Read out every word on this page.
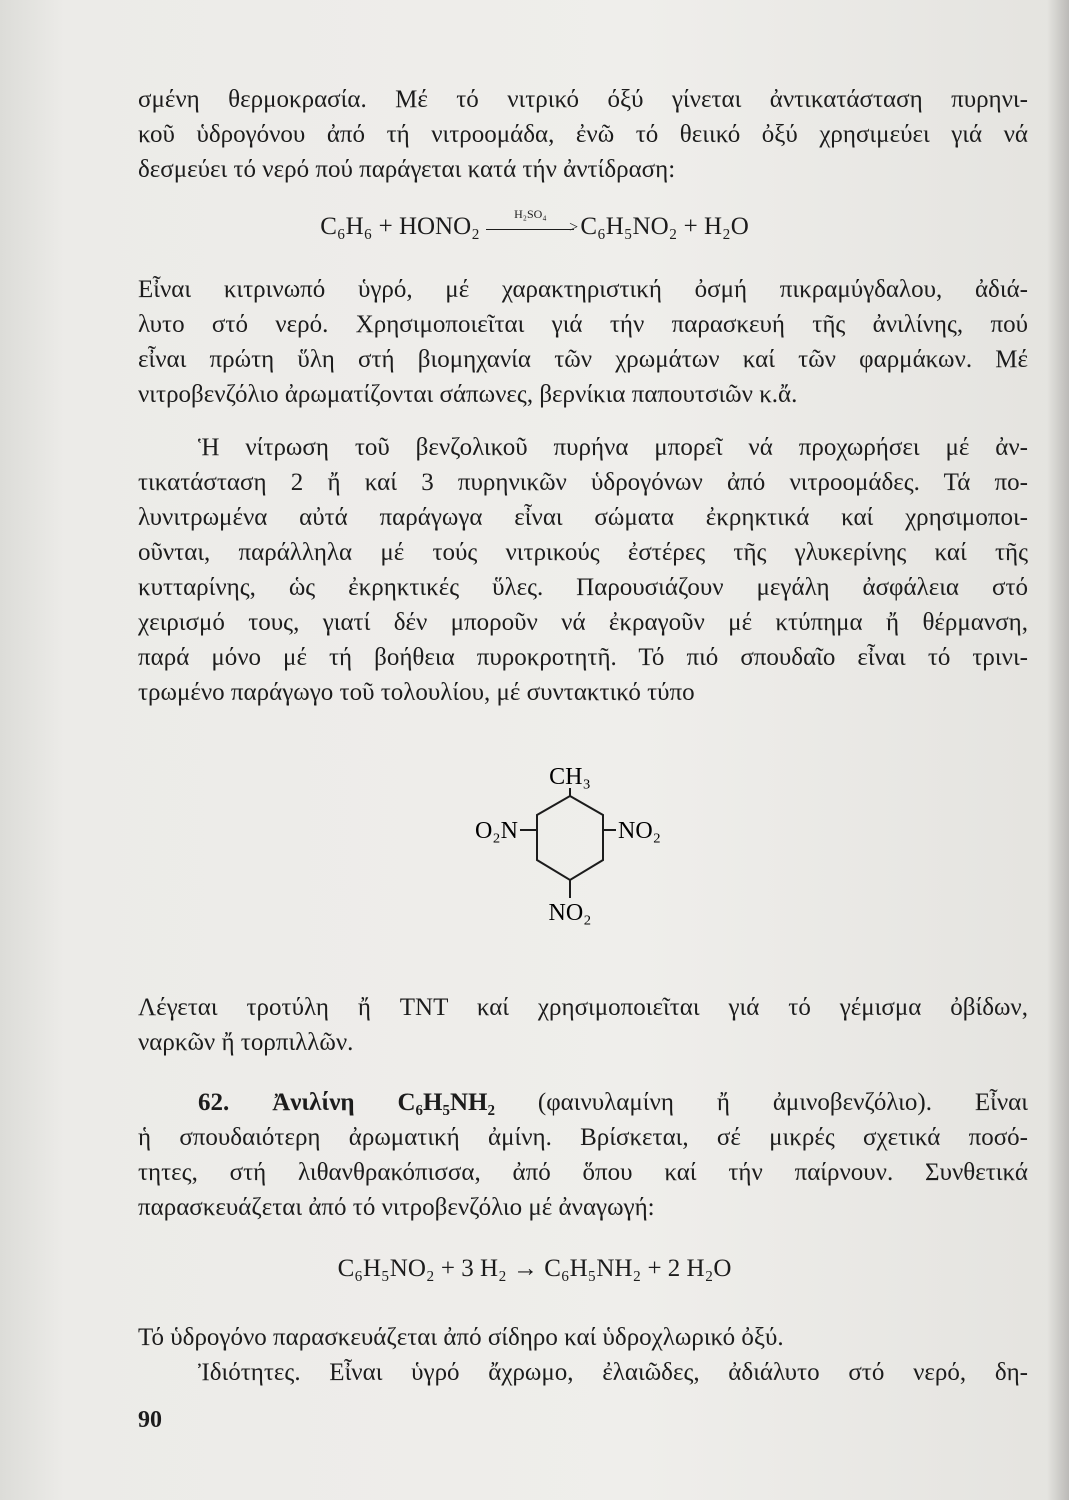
σμένη θερμοκρασία. Μέ τό νιτρικό όξύ γίνεται ἀντικατάσταση πυρηνι-
κοῦ ὑδρογόνου ἀπό τή νιτροομάδα, ἐνῶ τό θειικό ὀξύ χρησιμεύει γιά νά
δεσμεύει τό νερό πού παράγεται κατά τήν ἀντίδραση:

C₆H₆ + HONO₂	H₂SO₄
> C₆H₅NO₂ + H₂O

Εἶναι κιτρινωπό ὑγρό, μέ χαρακτηριστική ὀσμή πικραμύγδαλου, ἀδιά-
λυτο στό νερό. Χρησιμοποιεῖται γιά τήν παρασκευή τῆς ἀνιλίνης, πού
εἶναι πρώτη ὕλη στή βιομηχανία τῶν χρωμάτων καί τῶν φαρμάκων. Μέ
νιτροβενζόλιο ἀρωματίζονται σάπωνες, βερνίκια παπουτσιῶν κ.ἄ.

Ἡ νίτρωση τοῦ βενζολικοῦ πυρήνα μπορεῖ νά προχωρήσει μέ ἀν-
τικατάσταση 2 ἤ καί 3 πυρηνικῶν ὑδρογόνων ἀπό νιτροομάδες. Τά πο-
λυνιτρωμένα αὐτά παράγωγα εἶναι σώματα ἐκρηκτικά καί χρησιμοποι-
οῦνται, παράλληλα μέ τούς νιτρικούς ἐστέρες τῆς γλυκερίνης καί τῆς
κυτταρίνης, ὡς ἐκρηκτικές ὕλες. Παρουσιάζουν μεγάλη ἀσφάλεια στό
χειρισμό τους, γιατί δέν μποροῦν νά ἐκραγοῦν μέ κτύπημα ἤ θέρμανση,
παρά μόνο μέ τή βοήθεια πυροκροτητῆ. Τό πιό σπουδαῖο εἶναι τό τρινι-
τρωμένο παράγωγο τοῦ τολουλίου, μέ συντακτικό τύπο

CH₃
O₂N	NO₂
NO₂

Λέγεται τροτύλη ἤ TNT καί χρησιμοποιεῖται γιά τό γέμισμα ὀβίδων,
ναρκῶν ἤ τορπιλλῶν.

62. Ἀνιλίνη C₆H₅NH₂ (φαινυλαμίνη ἤ ἀμινοβενζόλιο). Εἶναι
ἡ σπουδαιότερη ἀρωματική ἀμίνη. Βρίσκεται, σέ μικρές σχετικά ποσό-
τητες, στή λιθανθρακόπισσα, ἀπό ὅπου καί τήν παίρνουν. Συνθετικά
παρασκευάζεται ἀπό τό νιτροβενζόλιο μέ ἀναγωγή:

C₆H₅NO₂ + 3 H₂ → C₆H₅NH₂ + 2 H₂O

Τό ὑδρογόνο παρασκευάζεται ἀπό σίδηρο καί ὑδροχλωρικό ὀξύ.
Ἰδιότητες. Εἶναι ὑγρό ἄχρωμο, ἐλαιῶδες, ἀδιάλυτο στό νερό, δη-

90
